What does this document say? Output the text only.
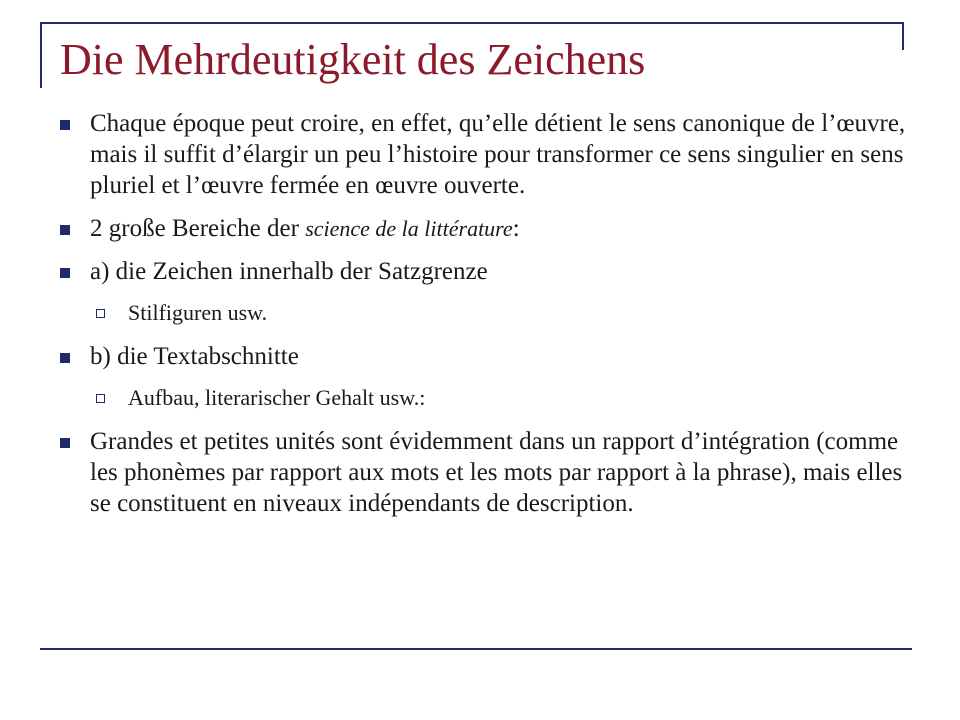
Die Mehrdeutigkeit des Zeichens
Chaque époque peut croire, en effet, qu’elle détient le sens canonique de l’œuvre, mais il suffit d’élargir un peu l’histoire pour transformer ce sens singulier en sens pluriel et l’œuvre fermée en œuvre ouverte.
2 große Bereiche der science de la littérature:
a) die Zeichen innerhalb der Satzgrenze
Stilfiguren usw.
b) die Textabschnitte
Aufbau, literarischer Gehalt usw.:
Grandes et petites unités sont évidemment dans un rapport d’intégration (comme les phonèmes par rapport aux mots et les mots par rapport à la phrase), mais elles se constituent en niveaux indépendants de description.
